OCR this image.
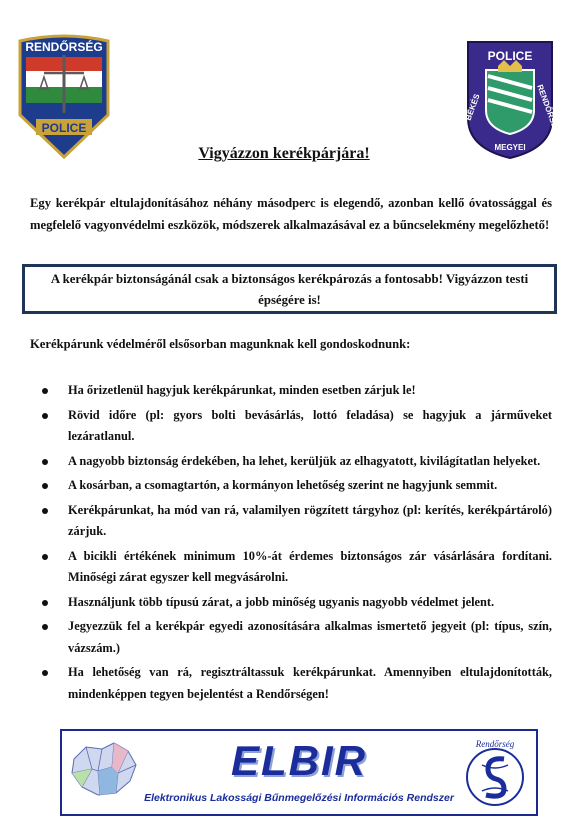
RENDŐRSÉG
POLICE
POLICE
BÉKÉS
MEGYEI
RENDŐRSÉG
Vigyázzon kerékpárjára!

Egy kerékpár eltulajdonításához néhány másodperc is elegendő, azonban kellő óvatossággal és megfelelő vagyonvédelmi eszközök, módszerek alkalmazásával ez a bűncselekmény megelőzhető!

A kerékpár biztonságánál csak a biztonságos kerékpározás a fontosabb! Vigyázzon testi épségére is!

Kerékpárunk védelméről elsősorban magunknak kell gondoskodnunk:

Ha őrizetlenül hagyjuk kerékpárunkat, minden esetben zárjuk le!
Rövid időre (pl: gyors bolti bevásárlás, lottó feladása) se hagyjuk a járműveket lezáratlanul.
A nagyobb biztonság érdekében, ha lehet, kerüljük az elhagyatott, kivilágítatlan helyeket.
A kosárban, a csomagtartón, a kormányon lehetőség szerint ne hagyjunk semmit.
Kerékpárunkat, ha mód van rá, valamilyen rögzített tárgyhoz (pl: kerítés, kerékpártároló) zárjuk.
A bicikli értékének minimum 10%-át érdemes biztonságos zár vásárlására fordítani. Minőségi zárat egyszer kell megvásárolni.
Használjunk több típusú zárat, a jobb minőség ugyanis nagyobb védelmet jelent.
Jegyezzük fel a kerékpár egyedi azonosítására alkalmas ismertető jegyeit (pl: típus, szín, vázszám.)
Ha lehetőség van rá, regisztráltassuk kerékpárunkat. Amennyiben eltulajdonították, mindenképpen tegyen bejelentést a Rendőrségen!
ELBIR
Elektronikus Lakossági Bűnmegelőzési Információs Rendszer
Rendőrség
